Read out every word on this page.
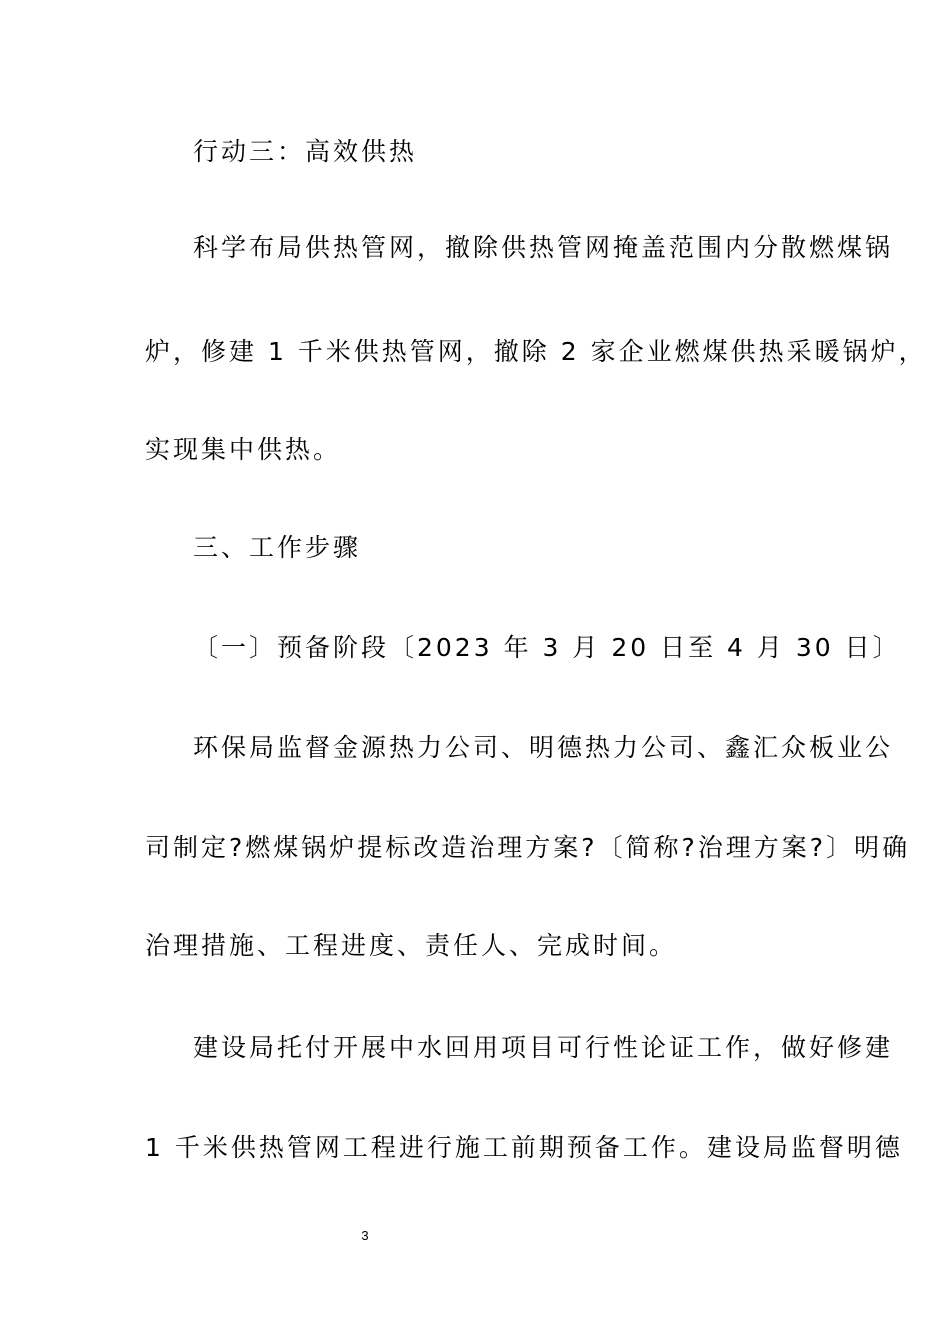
行动三：高效供热
科学布局供热管网，撤除供热管网掩盖范围内分散燃煤锅
炉，修建 1 千米供热管网，撤除 2 家企业燃煤供热采暖锅炉，
实现集中供热。
三、工作步骤
〔一〕预备阶段〔2023 年 3 月 20 日至 4 月 30 日〕
环保局监督金源热力公司、明德热力公司、鑫汇众板业公
司制定?燃煤锅炉提标改造治理方案?〔简称?治理方案?〕明确
治理措施、工程进度、责任人、完成时间。
建设局托付开展中水回用项目可行性论证工作，做好修建
1 千米供热管网工程进行施工前期预备工作。建设局监督明德
3
